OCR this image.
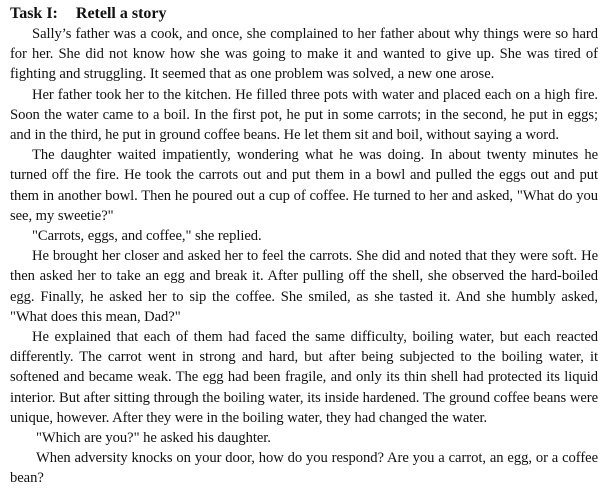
Task I: Retell a story

Sally’s father was a cook, and once, she complained to her father about why things were so hard for her. She did not know how she was going to make it and wanted to give up. She was tired of fighting and struggling. It seemed that as one problem was solved, a new one arose.

Her father took her to the kitchen. He filled three pots with water and placed each on a high fire. Soon the water came to a boil. In the first pot, he put in some carrots; in the second, he put in eggs; and in the third, he put in ground coffee beans. He let them sit and boil, without saying a word.

The daughter waited impatiently, wondering what he was doing. In about twenty minutes he turned off the fire. He took the carrots out and put them in a bowl and pulled the eggs out and put them in another bowl. Then he poured out a cup of coffee. He turned to her and asked, "What do you see, my sweetie?"

"Carrots, eggs, and coffee," she replied.

He brought her closer and asked her to feel the carrots. She did and noted that they were soft. He then asked her to take an egg and break it. After pulling off the shell, she observed the hard-boiled egg. Finally, he asked her to sip the coffee. She smiled, as she tasted it. And she humbly asked, "What does this mean, Dad?"

He explained that each of them had faced the same difficulty, boiling water, but each reacted differently. The carrot went in strong and hard, but after being subjected to the boiling water, it softened and became weak. The egg had been fragile, and only its thin shell had protected its liquid interior. But after sitting through the boiling water, its inside hardened. The ground coffee beans were unique, however. After they were in the boiling water, they had changed the water.

"Which are you?" he asked his daughter.

When adversity knocks on your door, how do you respond? Are you a carrot, an egg, or a coffee bean?
